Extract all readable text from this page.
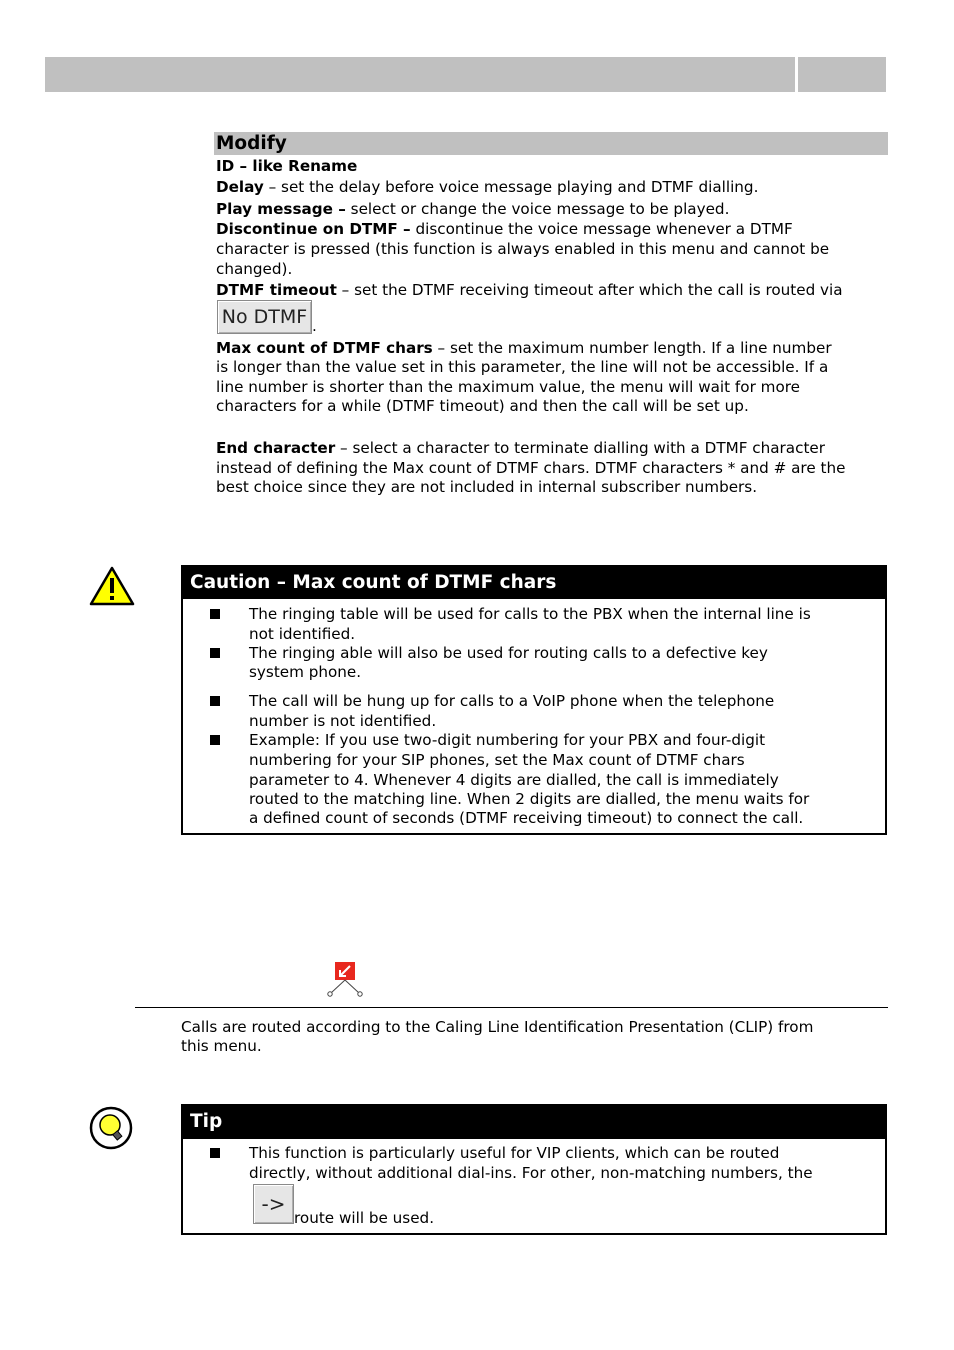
Modify
ID – like Rename
Delay – set the delay before voice message playing and DTMF dialling.
Play message – select or change the voice message to be played.
Discontinue on DTMF – discontinue the voice message whenever a DTMF
character is pressed (this function is always enabled in this menu and cannot be
changed).
DTMF timeout – set the DTMF receiving timeout after which the call is routed via
No DTMF .
Max count of DTMF chars – set the maximum number length. If a line number
is longer than the value set in this parameter, the line will not be accessible. If a
line number is shorter than the maximum value, the menu will wait for more
characters for a while (DTMF timeout) and then the call will be set up.
End character – select a character to terminate dialling with a DTMF character
instead of defining the Max count of DTMF chars. DTMF characters * and # are the
best choice since they are not included in internal subscriber numbers.
Caution – Max count of DTMF chars
The ringing table will be used for calls to the PBX when the internal line is
not identified.
The ringing able will also be used for routing calls to a defective key
system phone.
The call will be hung up for calls to a VoIP phone when the telephone
number is not identified.
Example: If you use two-digit numbering for your PBX and four-digit
numbering for your SIP phones, set the Max count of DTMF chars
parameter to 4. Whenever 4 digits are dialled, the call is immediately
routed to the matching line. When 2 digits are dialled, the menu waits for
a defined count of seconds (DTMF receiving timeout) to connect the call.
Calls are routed according to the Caling Line Identification Presentation (CLIP) from
this menu.
Tip
This function is particularly useful for VIP clients, which can be routed
directly, without additional dial-ins. For other, non-matching numbers, the
->
route will be used.
